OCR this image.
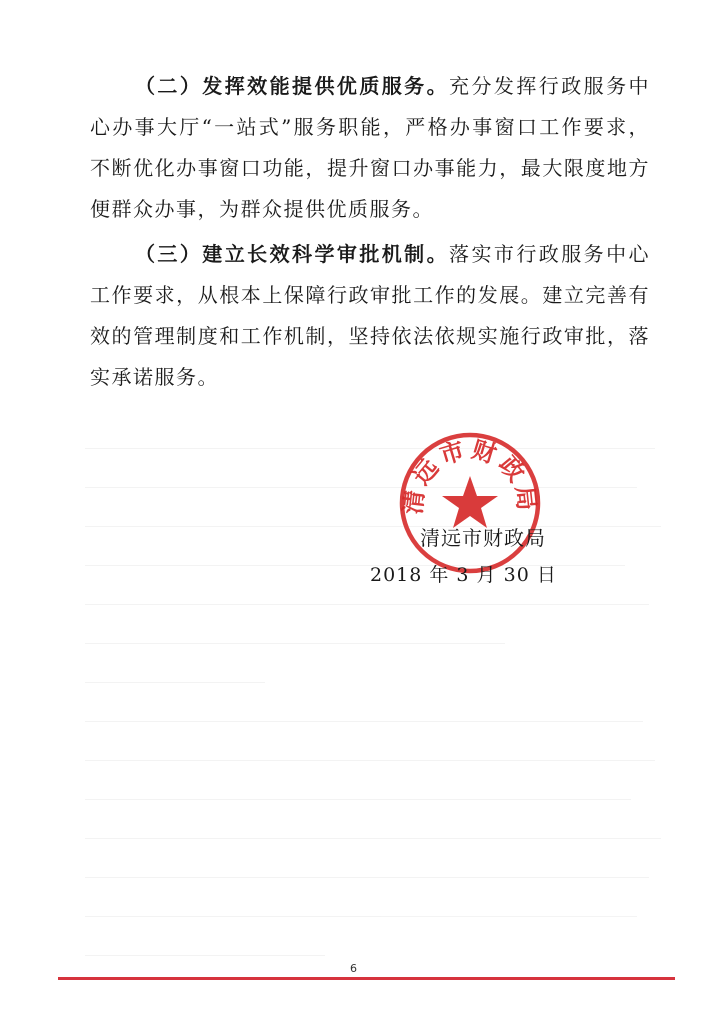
（二）发挥效能提供优质服务。充分发挥行政服务中心办事大厅“一站式”服务职能，严格办事窗口工作要求，不断优化办事窗口功能，提升窗口办事能力，最大限度地方便群众办事，为群众提供优质服务。

（三）建立长效科学审批机制。落实市行政服务中心工作要求，从根本上保障行政审批工作的发展。建立完善有效的管理制度和工作机制，坚持依法依规实施行政审批，落实承诺服务。

清远市财政局
清远市财政局
2018 年 3 月 30 日
6
